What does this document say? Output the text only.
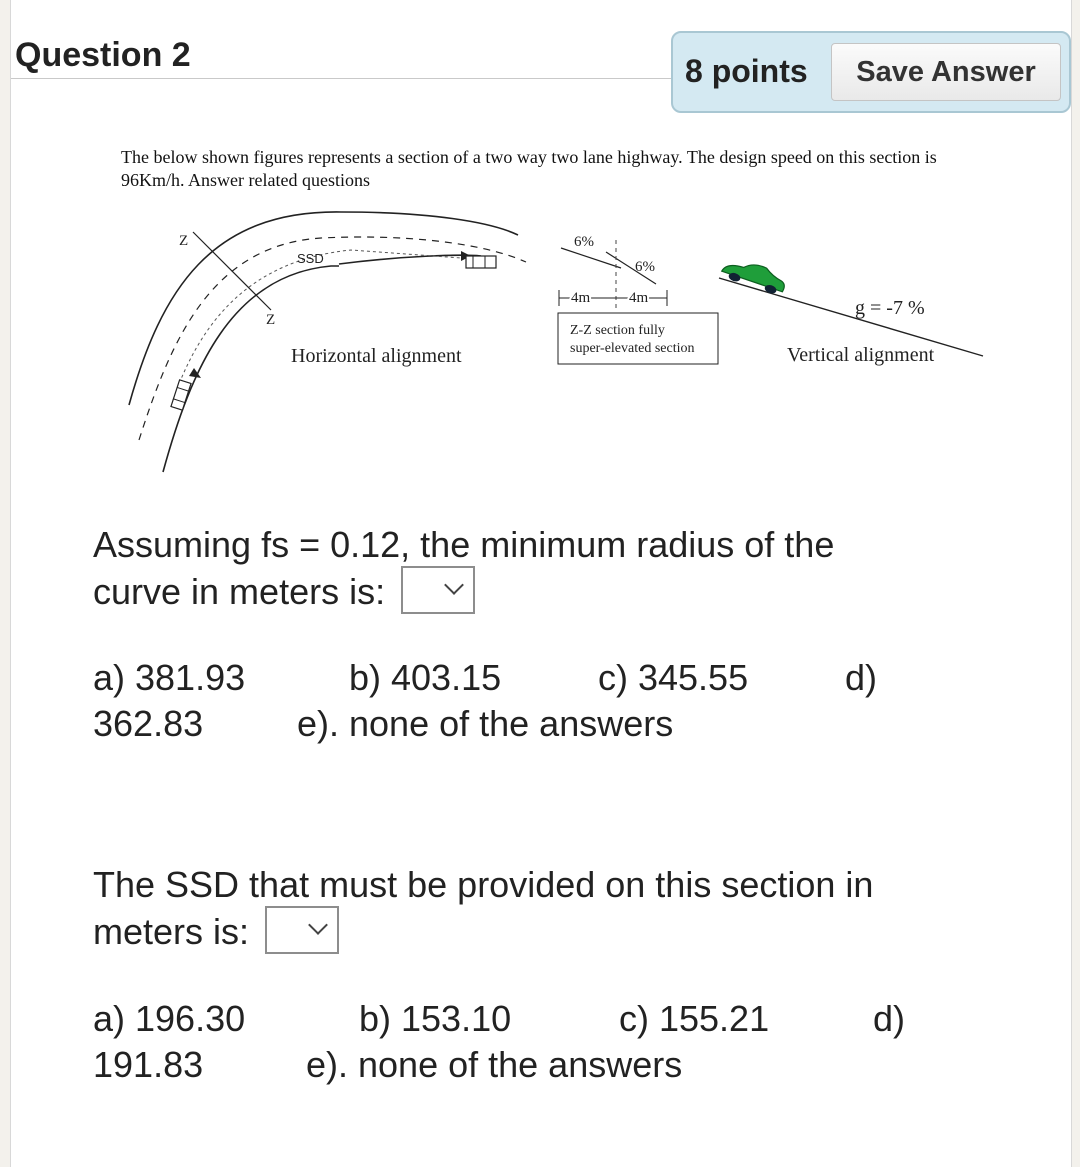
Question 2	8 points	Save Answer
The below shown figures represents a section of a two way two lane highway. The design speed on this section is 96Km/h. Answer related questions
Z
Z
SSD
Horizontal alignment
6%
6%
4m	4m
Z-Z section fully
super-elevated section
g = -7 %
Vertical alignment
Assuming fs = 0.12, the minimum radius of the
curve in meters is:
a) 381.93	b) 403.15	c) 345.55	d)
362.83	e). none of the answers
The SSD that must be provided on this section in
meters is:
a) 196.30	b) 153.10	c) 155.21	d)
191.83	e). none of the answers
